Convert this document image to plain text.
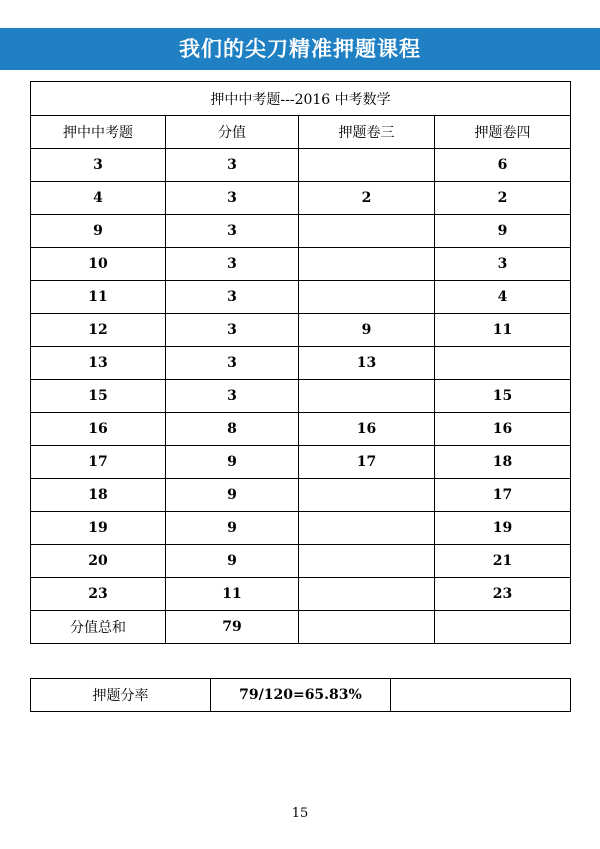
我们的尖刀精准押题课程
押中中考题---2016 中考数学			
押中中考题	分值	押题卷三	押题卷四
3	3		6
4	3	2	2
9	3		9
10	3		3
11	3		4
12	3	9	11
13	3	13	
15	3		15
16	8	16	16
17	9	17	18
18	9		17
19	9		19
20	9		21
23	11		23
分值总和	79		
押题分率	79/120=65.83%	
15
